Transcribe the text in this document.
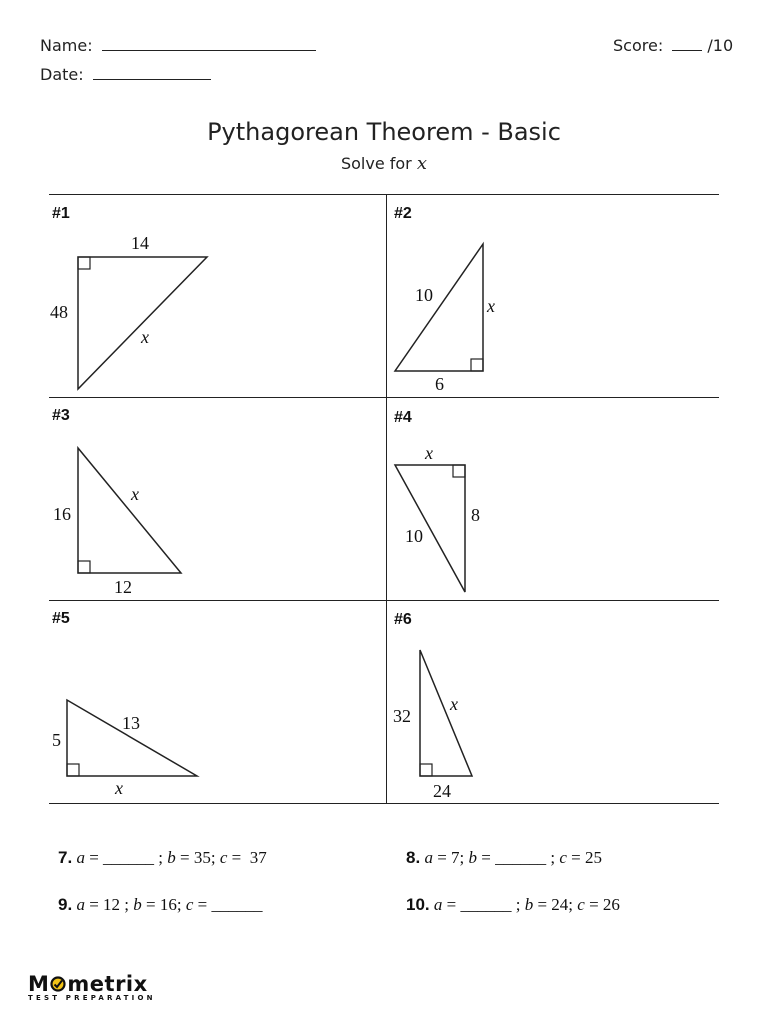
Name:
Date:
Score:	/10
Pythagorean Theorem - Basic
Solve for x
#1
14
48
x
#2
10
x
6
#3
x
16
12
#4
x
8
10
#5
13
5
x
#6
x
32
24
7. a = ______ ; b = 35; c =  37	8. a = 7; b = ______ ; c = 25
9. a = 12 ; b = 16; c = ______	10. a = ______ ; b = 24; c = 26
M metrix
TEST PREPARATION
